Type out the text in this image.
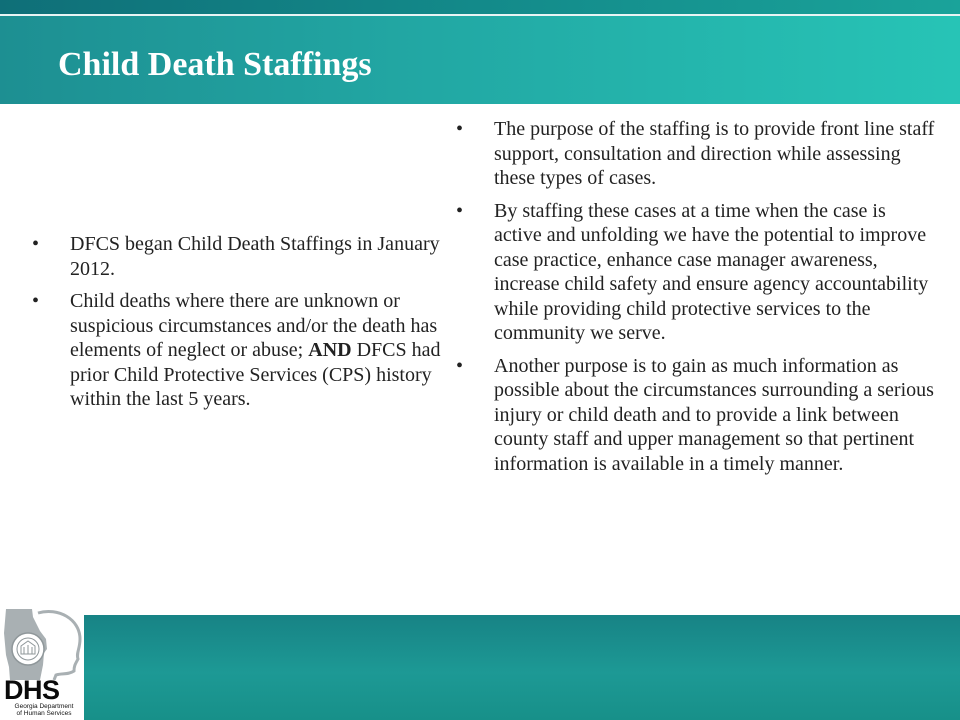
Child Death Staffings
• DFCS began Child Death Staffings in January 2012.
• Child deaths where there are unknown or suspicious circumstances and/or the death has elements of neglect or abuse; AND DFCS had prior Child Protective Services (CPS) history within the last 5 years.
• The purpose of the staffing is to provide front line staff support, consultation and direction while assessing these types of cases.
• By staffing these cases at a time when the case is active and unfolding we have the potential to improve case practice, enhance case manager awareness, increase child safety and ensure agency accountability while providing child protective services to the community we serve.
• Another purpose is to gain as much information as possible about the circumstances surrounding a serious injury or child death and to provide a link between county staff and upper management so that pertinent information is available in a timely manner.
DHS
Georgia Department
of Human Services
